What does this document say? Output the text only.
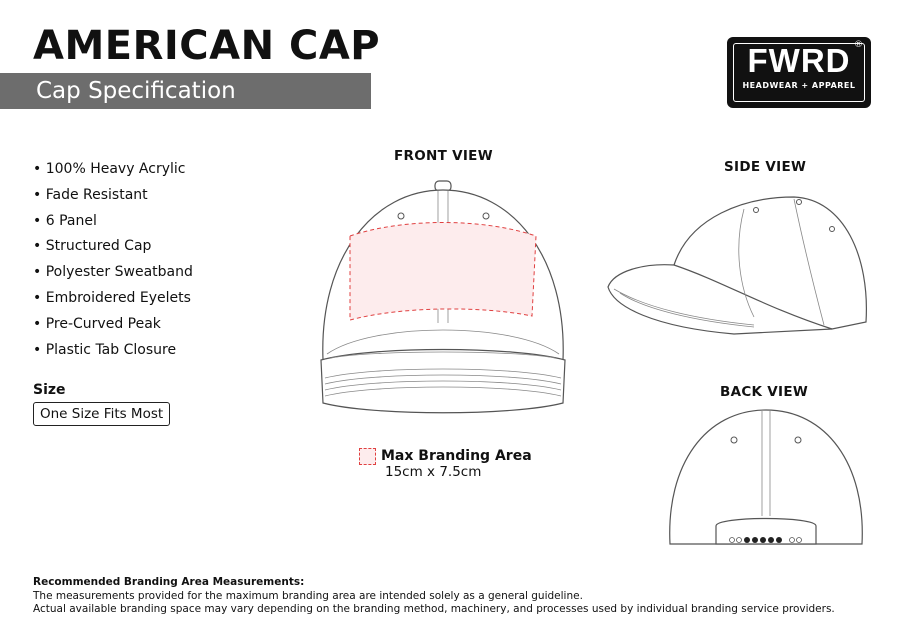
AMERICAN CAP
Cap Specification
FWRD ®
HEADWEAR + APPAREL
• 100% Heavy Acrylic
• Fade Resistant
• 6 Panel
• Structured Cap
• Polyester Sweatband
• Embroidered Eyelets
• Pre-Curved Peak
• Plastic Tab Closure
Size
One Size Fits Most
FRONT VIEW
SIDE VIEW
BACK VIEW
Max Branding Area
15cm x 7.5cm
Recommended Branding Area Measurements:
The measurements provided for the maximum branding area are intended solely as a general guideline.
Actual available branding space may vary depending on the branding method, machinery, and processes used by individual branding service providers.
